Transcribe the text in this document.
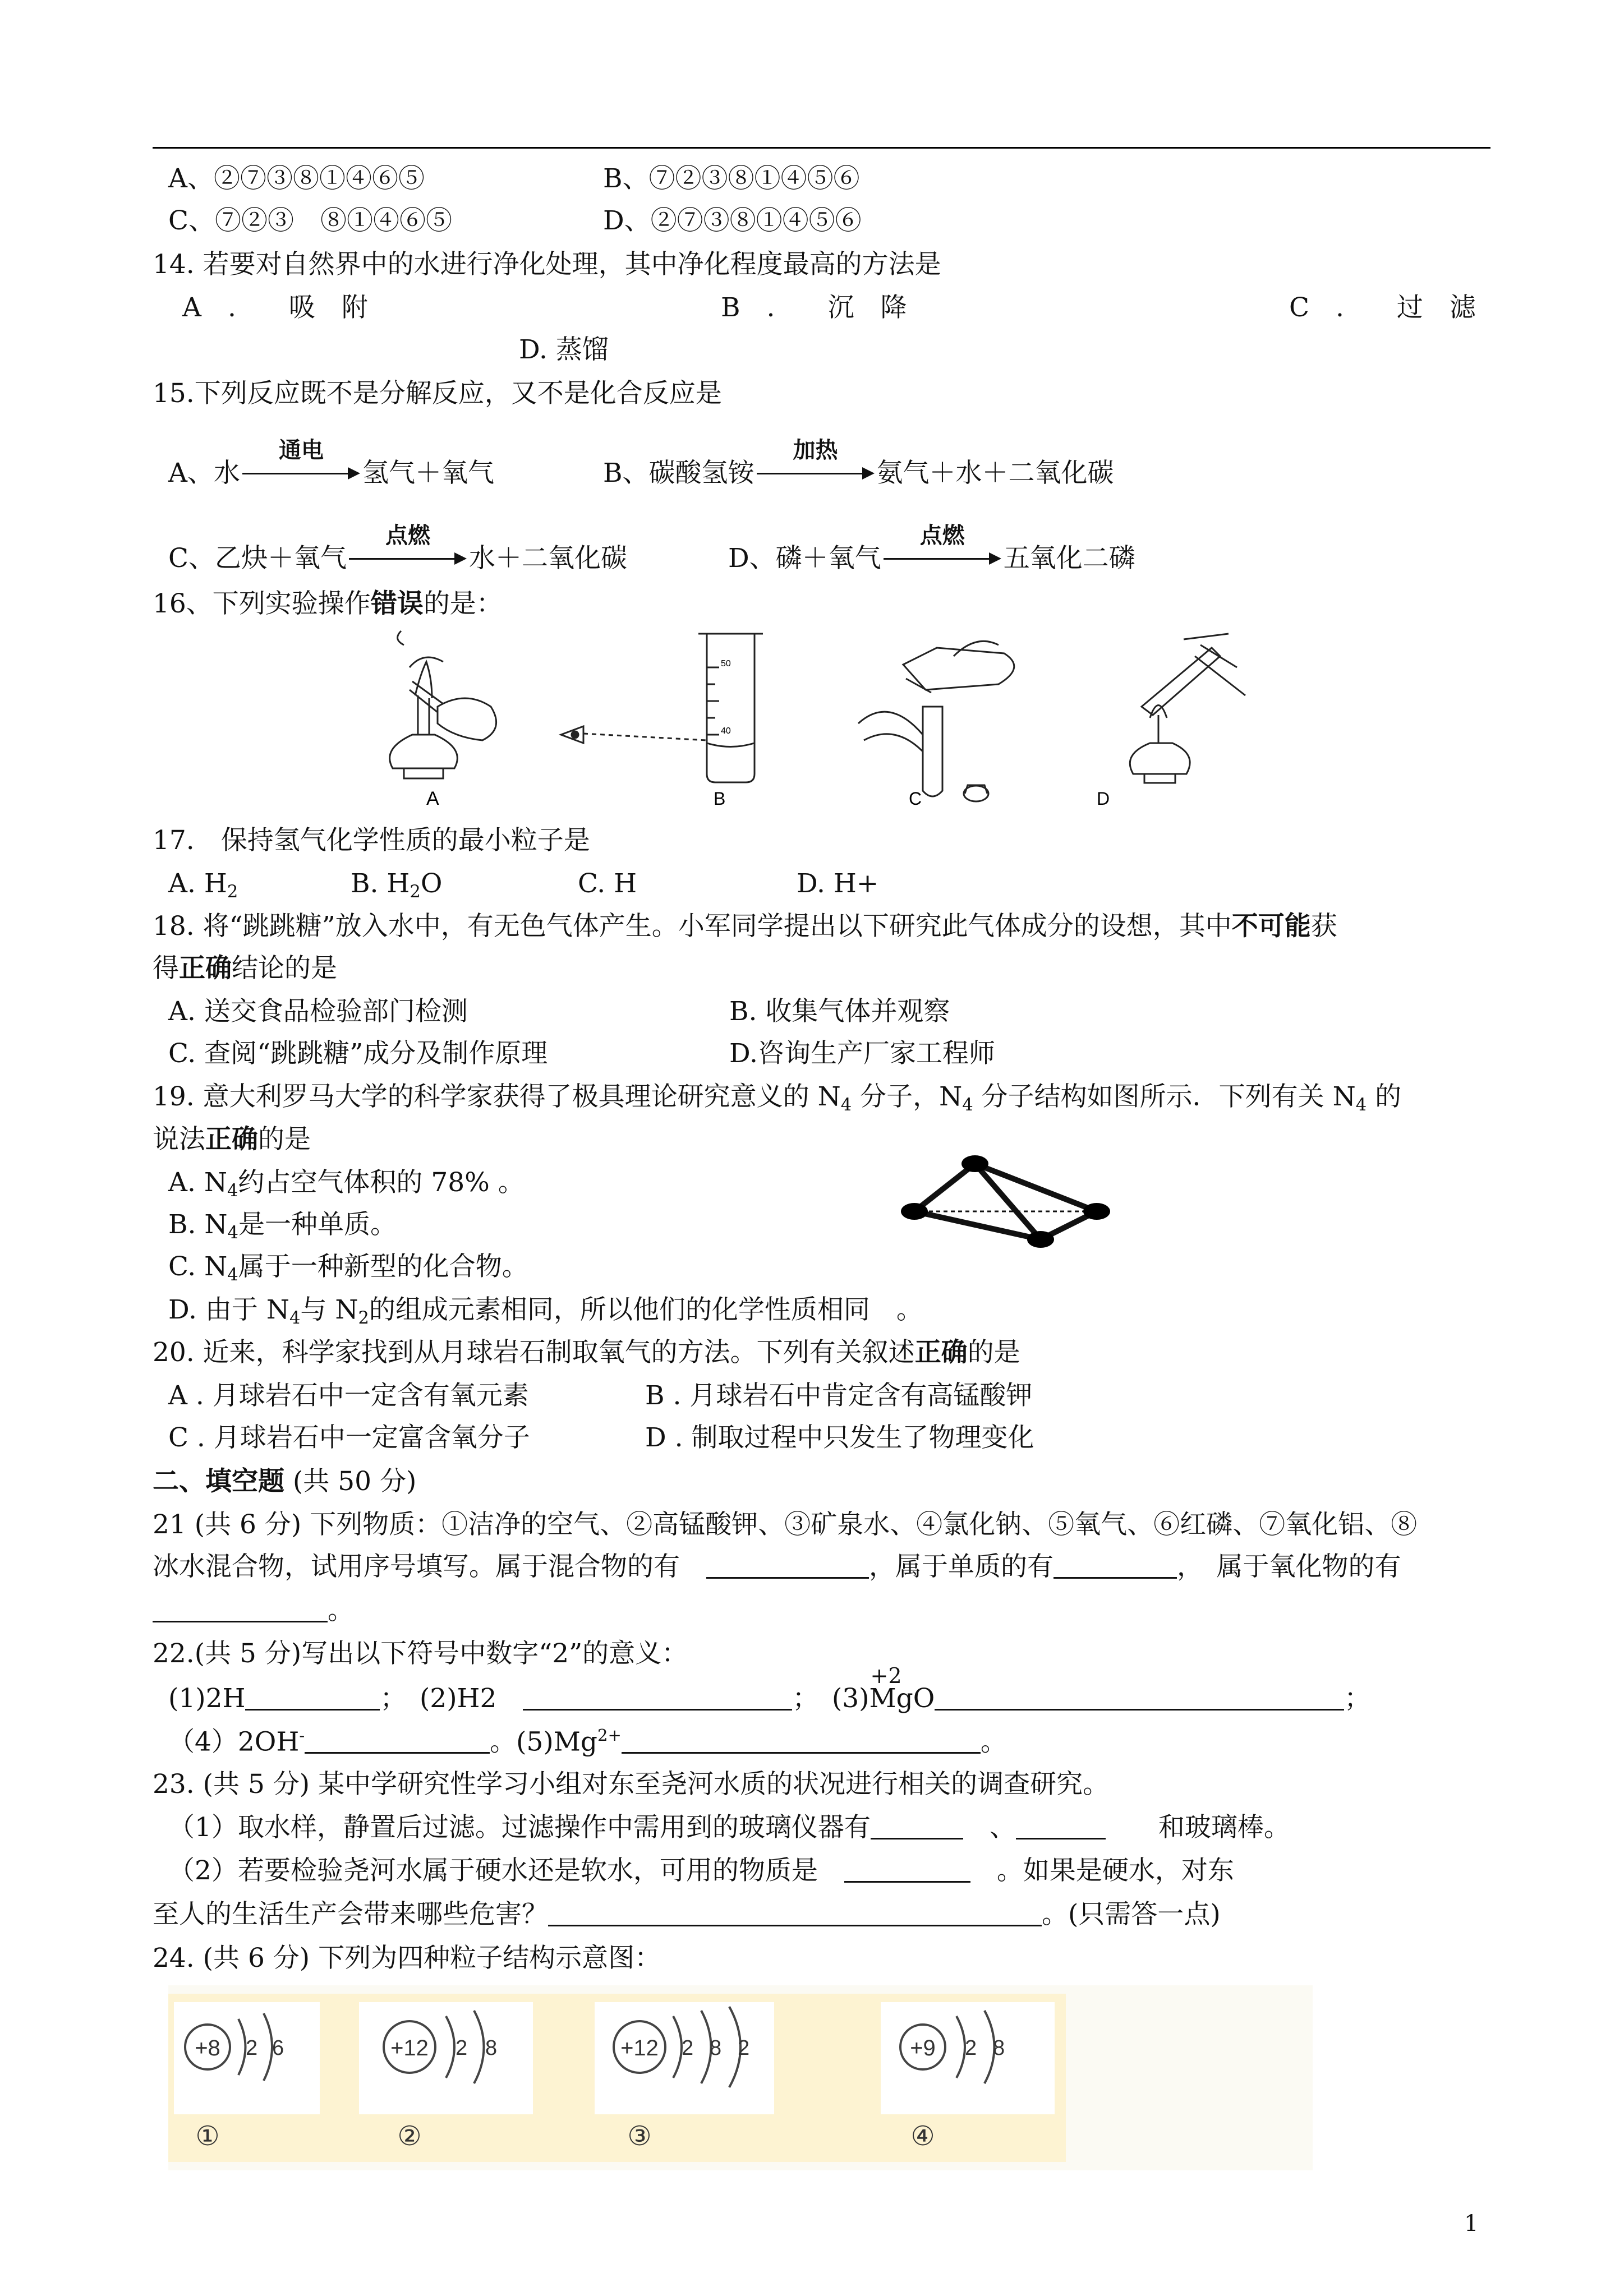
A、②⑦③⑧①④⑥⑤	B、⑦②③⑧①④⑤⑥
C、⑦②③　⑧①④⑥⑤	D、②⑦③⑧①④⑤⑥
14. 若要对自然界中的水进行净化处理，其中净化程度最高的方法是
A　.　　吸　附	B　.　　沉　降	C　.　　过　滤
D. 蒸馏
15.下列反应既不是分解反应，又不是化合反应是
A、水
通电
氢气＋氧气	B、碳酸氢铵
加热
氨气＋水＋二氧化碳
C、乙炔＋氧气
点燃
水＋二氧化碳	D、磷＋氧气
点燃
五氧化二磷
16、下列实验操作错误的是：
A	B	C	D
50
40
17.　保持氢气化学性质的最小粒子是
A. $H_2$	B. $H_2O$	C. H	D. H+
18. 将“跳跳糖”放入水中，有无色气体产生。小军同学提出以下研究此气体成分的设想，其中不可能获
得正确结论的是
A. 送交食品检验部门检测	B. 收集气体并观察
C. 查阅“跳跳糖”成分及制作原理	D.咨询生产厂家工程师
19. 意大利罗马大学的科学家获得了极具理论研究意义的 $N_4$ 分子，$N_4$ 分子结构如图所示．下列有关 $N_4$ 的
说法正确的是
A. $N_4$约占空气体积的 78% 。
B. $N_4$是一种单质。
C. $N_4$属于一种新型的化合物。
D. 由于 $N_4$与 $N_2$的组成元素相同，所以他们的化学性质相同　。
20. 近来，科学家找到从月球岩石制取氧气的方法。下列有关叙述正确的是
A . 月球岩石中一定含有氧元素	B . 月球岩石中肯定含有高锰酸钾
C . 月球岩石中一定富含氧分子	D . 制取过程中只发生了物理变化
二、填空题 (共 50 分)
21 (共 6 分) 下列物质：①洁净的空气、②高锰酸钾、③矿泉水、④氯化钠、⑤氧气、⑥红磷、⑦氧化铝、⑧
冰水混合物，试用序号填写。属于混合物的有　	，属于单质的有	，　属于氧化物的有
。
22.(共 5 分)写出以下符号中数字“2”的意义：
(1)2H	；　 (2)H2　	；　 (3)
+2
MgO	；
（4）2OH-	。$(5)Mg^{2+}$	。
23. (共 5 分) 某中学研究性学习小组对东至尧河水质的状况进行相关的调查研究。
（1）取水样，静置后过滤。过滤操作中需用到的玻璃仪器有　	、　　	和玻璃棒。
（2）若要检验尧河水属于硬水还是软水，可用的物质是　　	。如果是硬水，对东
至人的生活生产会带来哪些危害？	。(只需答一点)
24. (共 6 分) 下列为四种粒子结构示意图：
+8 2 6
①
+12 2 8
②
+12 2 8 2
③
+9 2 8
④
1
